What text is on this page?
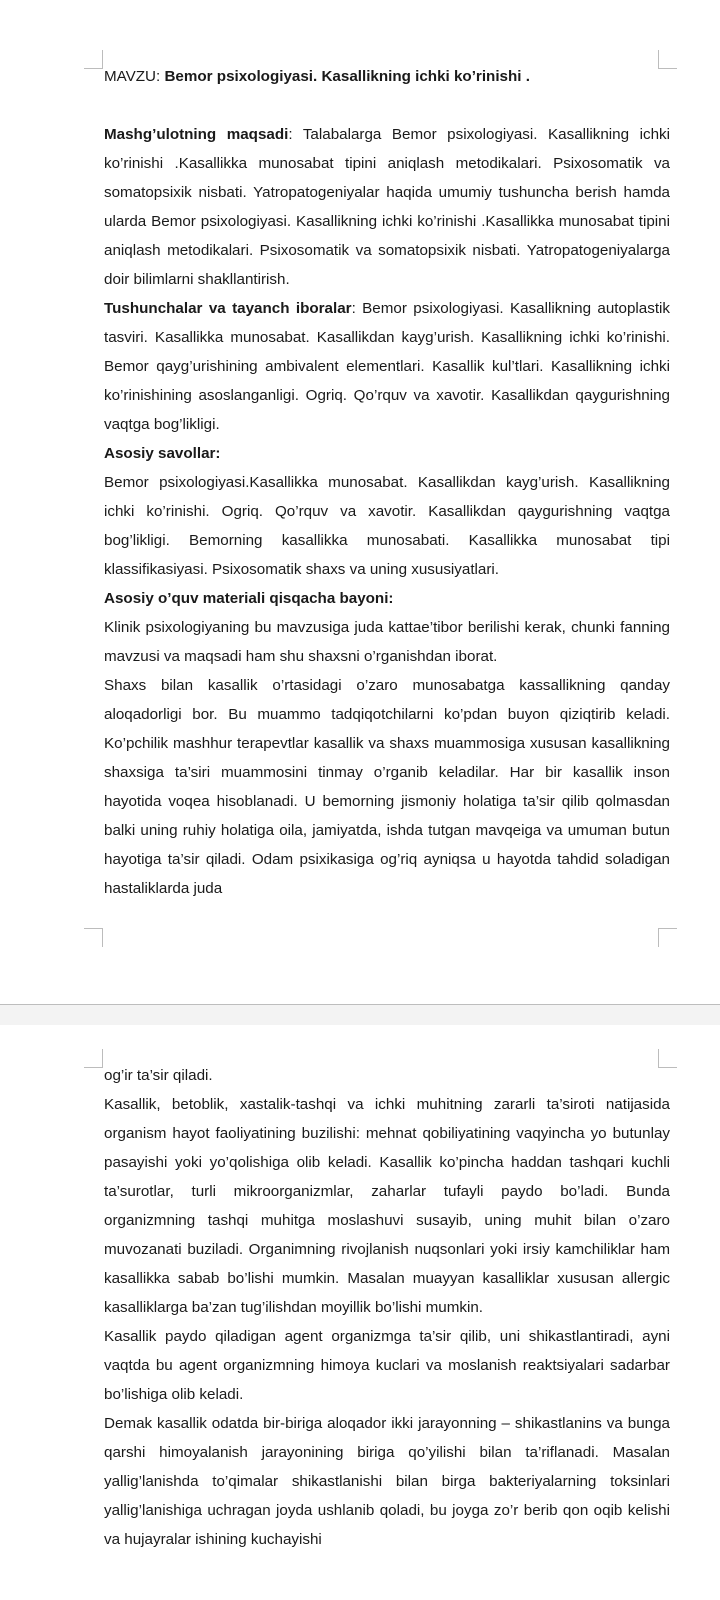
MAVZU: Bemor psixologiyasi. Kasallikning ichki ko’rinishi .

Mashg’ulotning maqsadi: Talabalarga Bemor psixologiyasi. Kasallikning ichki ko’rinishi .Kasallikka munosabat tipini aniqlash metodikalari. Psixosomatik va somatopsixik nisbati. Yatropatogeniyalar haqida umumiy tushuncha berish hamda ularda Bemor psixologiyasi. Kasallikning ichki ko’rinishi .Kasallikka munosabat tipini aniqlash metodikalari. Psixosomatik va somatopsixik nisbati. Yatropatogeniyalarga doir bilimlarni shakllantirish.

Tushunchalar va tayanch iboralar: Bemor psixologiyasi. Kasallikning autoplastik tasviri. Kasallikka munosabat. Kasallikdan kayg’urish. Kasallikning ichki ko’rinishi. Bemor qayg’urishining ambivalent elementlari. Kasallik kul’tlari. Kasallikning ichki ko’rinishining asoslanganligi. Ogriq. Qo’rquv va xavotir. Kasallikdan qaygurishning vaqtga bog’likligi.

Asosiy savollar:

Bemor psixologiyasi.Kasallikka munosabat. Kasallikdan kayg’urish. Kasallikning ichki ko’rinishi. Ogriq. Qo’rquv va xavotir. Kasallikdan qaygurishning vaqtga bog’likligi. Bemorning kasallikka munosabati. Kasallikka munosabat tipi klassifikasiyasi. Psixosomatik shaxs va uning xususiyatlari.

Asosiy o’quv materiali qisqacha bayoni:

Klinik psixologiyaning bu mavzusiga juda kattae’tibor berilishi kerak, chunki fanning mavzusi va maqsadi ham shu shaxsni o’rganishdan iborat.

Shaxs bilan kasallik o’rtasidagi o’zaro munosabatga kassallikning qanday aloqadorligi bor. Bu muammo tadqiqotchilarni ko’pdan buyon qiziqtirib keladi. Ko’pchilik mashhur terapevtlar kasallik va shaxs muammosiga xususan kasallikning shaxsiga ta’siri muammosini tinmay o’rganib keladilar. Har bir kasallik inson hayotida voqea hisoblanadi. U bemorning jismoniy holatiga ta’sir qilib qolmasdan balki uning ruhiy holatiga oila, jamiyatda, ishda tutgan mavqeiga va umuman butun hayotiga ta’sir qiladi. Odam psixikasiga og’riq ayniqsa u hayotda tahdid soladigan hastaliklarda juda

og’ir ta’sir qiladi.

Kasallik, betoblik, xastalik-tashqi va ichki muhitning zararli ta’siroti natijasida organism hayot faoliyatining buzilishi: mehnat qobiliyatining vaqyincha yo butunlay pasayishi yoki yo’qolishiga olib keladi. Kasallik ko’pincha haddan tashqari kuchli ta’surotlar, turli mikroorganizmlar, zaharlar tufayli paydo bo’ladi. Bunda organizmning tashqi muhitga moslashuvi susayib, uning muhit bilan o’zaro muvozanati buziladi. Organimning rivojlanish nuqsonlari yoki irsiy kamchiliklar ham kasallikka sabab bo’lishi mumkin. Masalan muayyan kasalliklar xususan allergic kasalliklarga ba’zan tug’ilishdan moyillik bo’lishi mumkin.

Kasallik paydo qiladigan agent organizmga ta’sir qilib, uni shikastlantiradi, ayni vaqtda bu agent organizmning himoya kuclari va moslanish reaktsiyalari sadarbar bo’lishiga olib keladi.

Demak kasallik odatda bir-biriga aloqador ikki jarayonning – shikastlanins va bunga qarshi himoyalanish jarayonining biriga qo’yilishi bilan ta’riflanadi. Masalan yallig’lanishda to’qimalar shikastlanishi bilan birga bakteriyalarning toksinlari yallig’lanishiga uchragan joyda ushlanib qoladi, bu joyga zo’r berib qon oqib kelishi va hujayralar ishining kuchayishi
